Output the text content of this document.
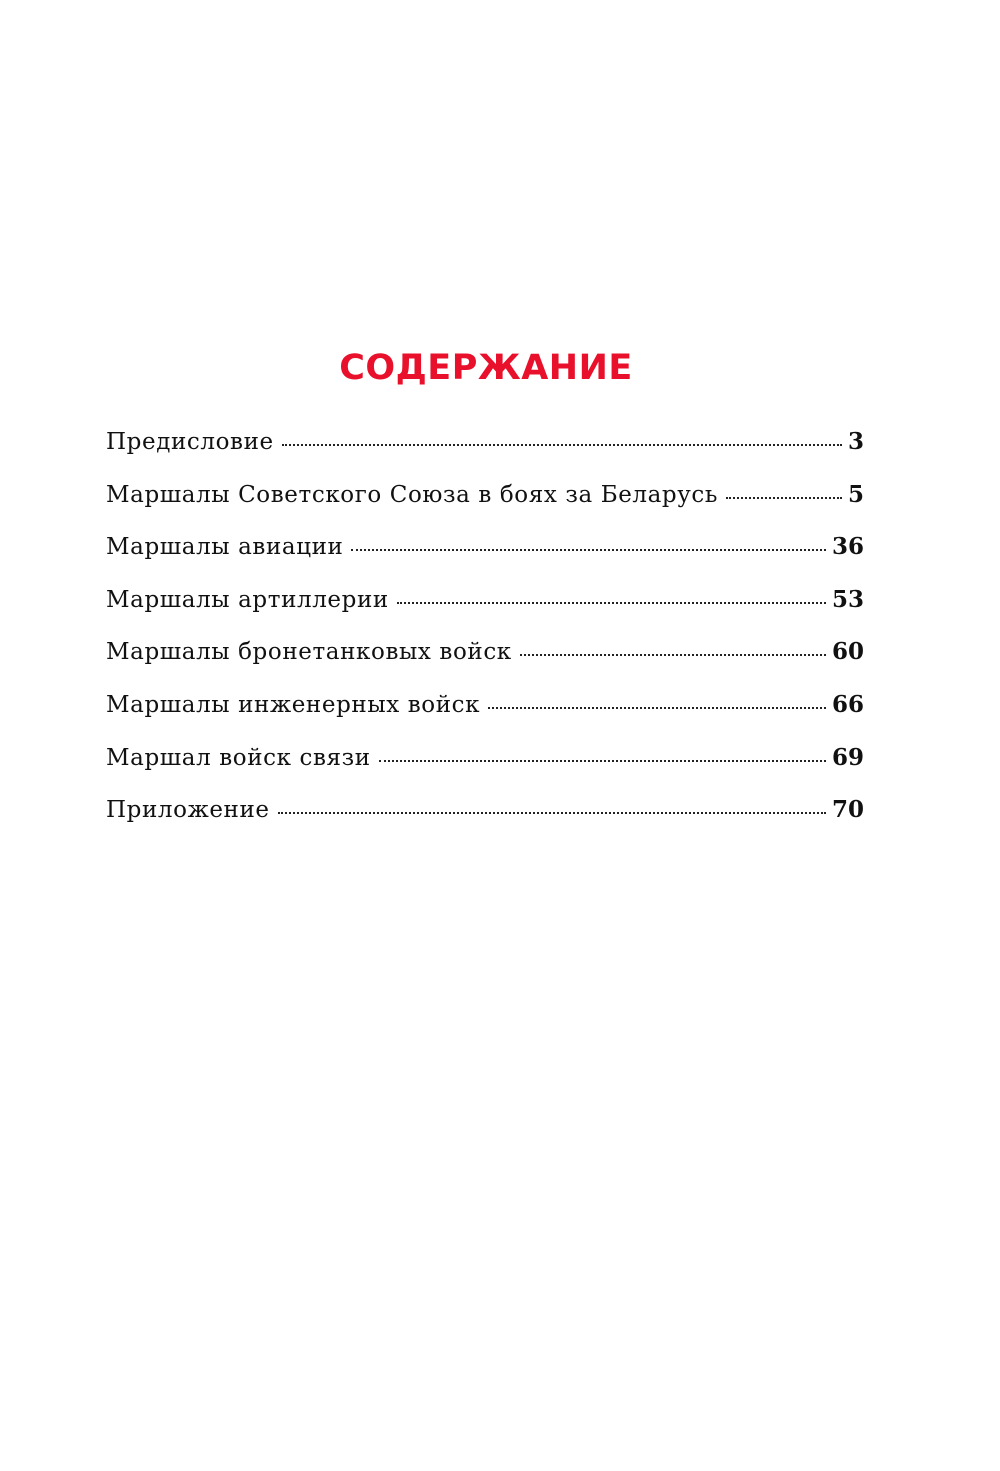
СОДЕРЖАНИЕ
Предисловие	3
Маршалы Советского Союза в боях за Беларусь	5
Маршалы авиации	36
Маршалы артиллерии	53
Маршалы бронетанковых войск	60
Маршалы инженерных войск	66
Маршал войск связи	69
Приложение	70
